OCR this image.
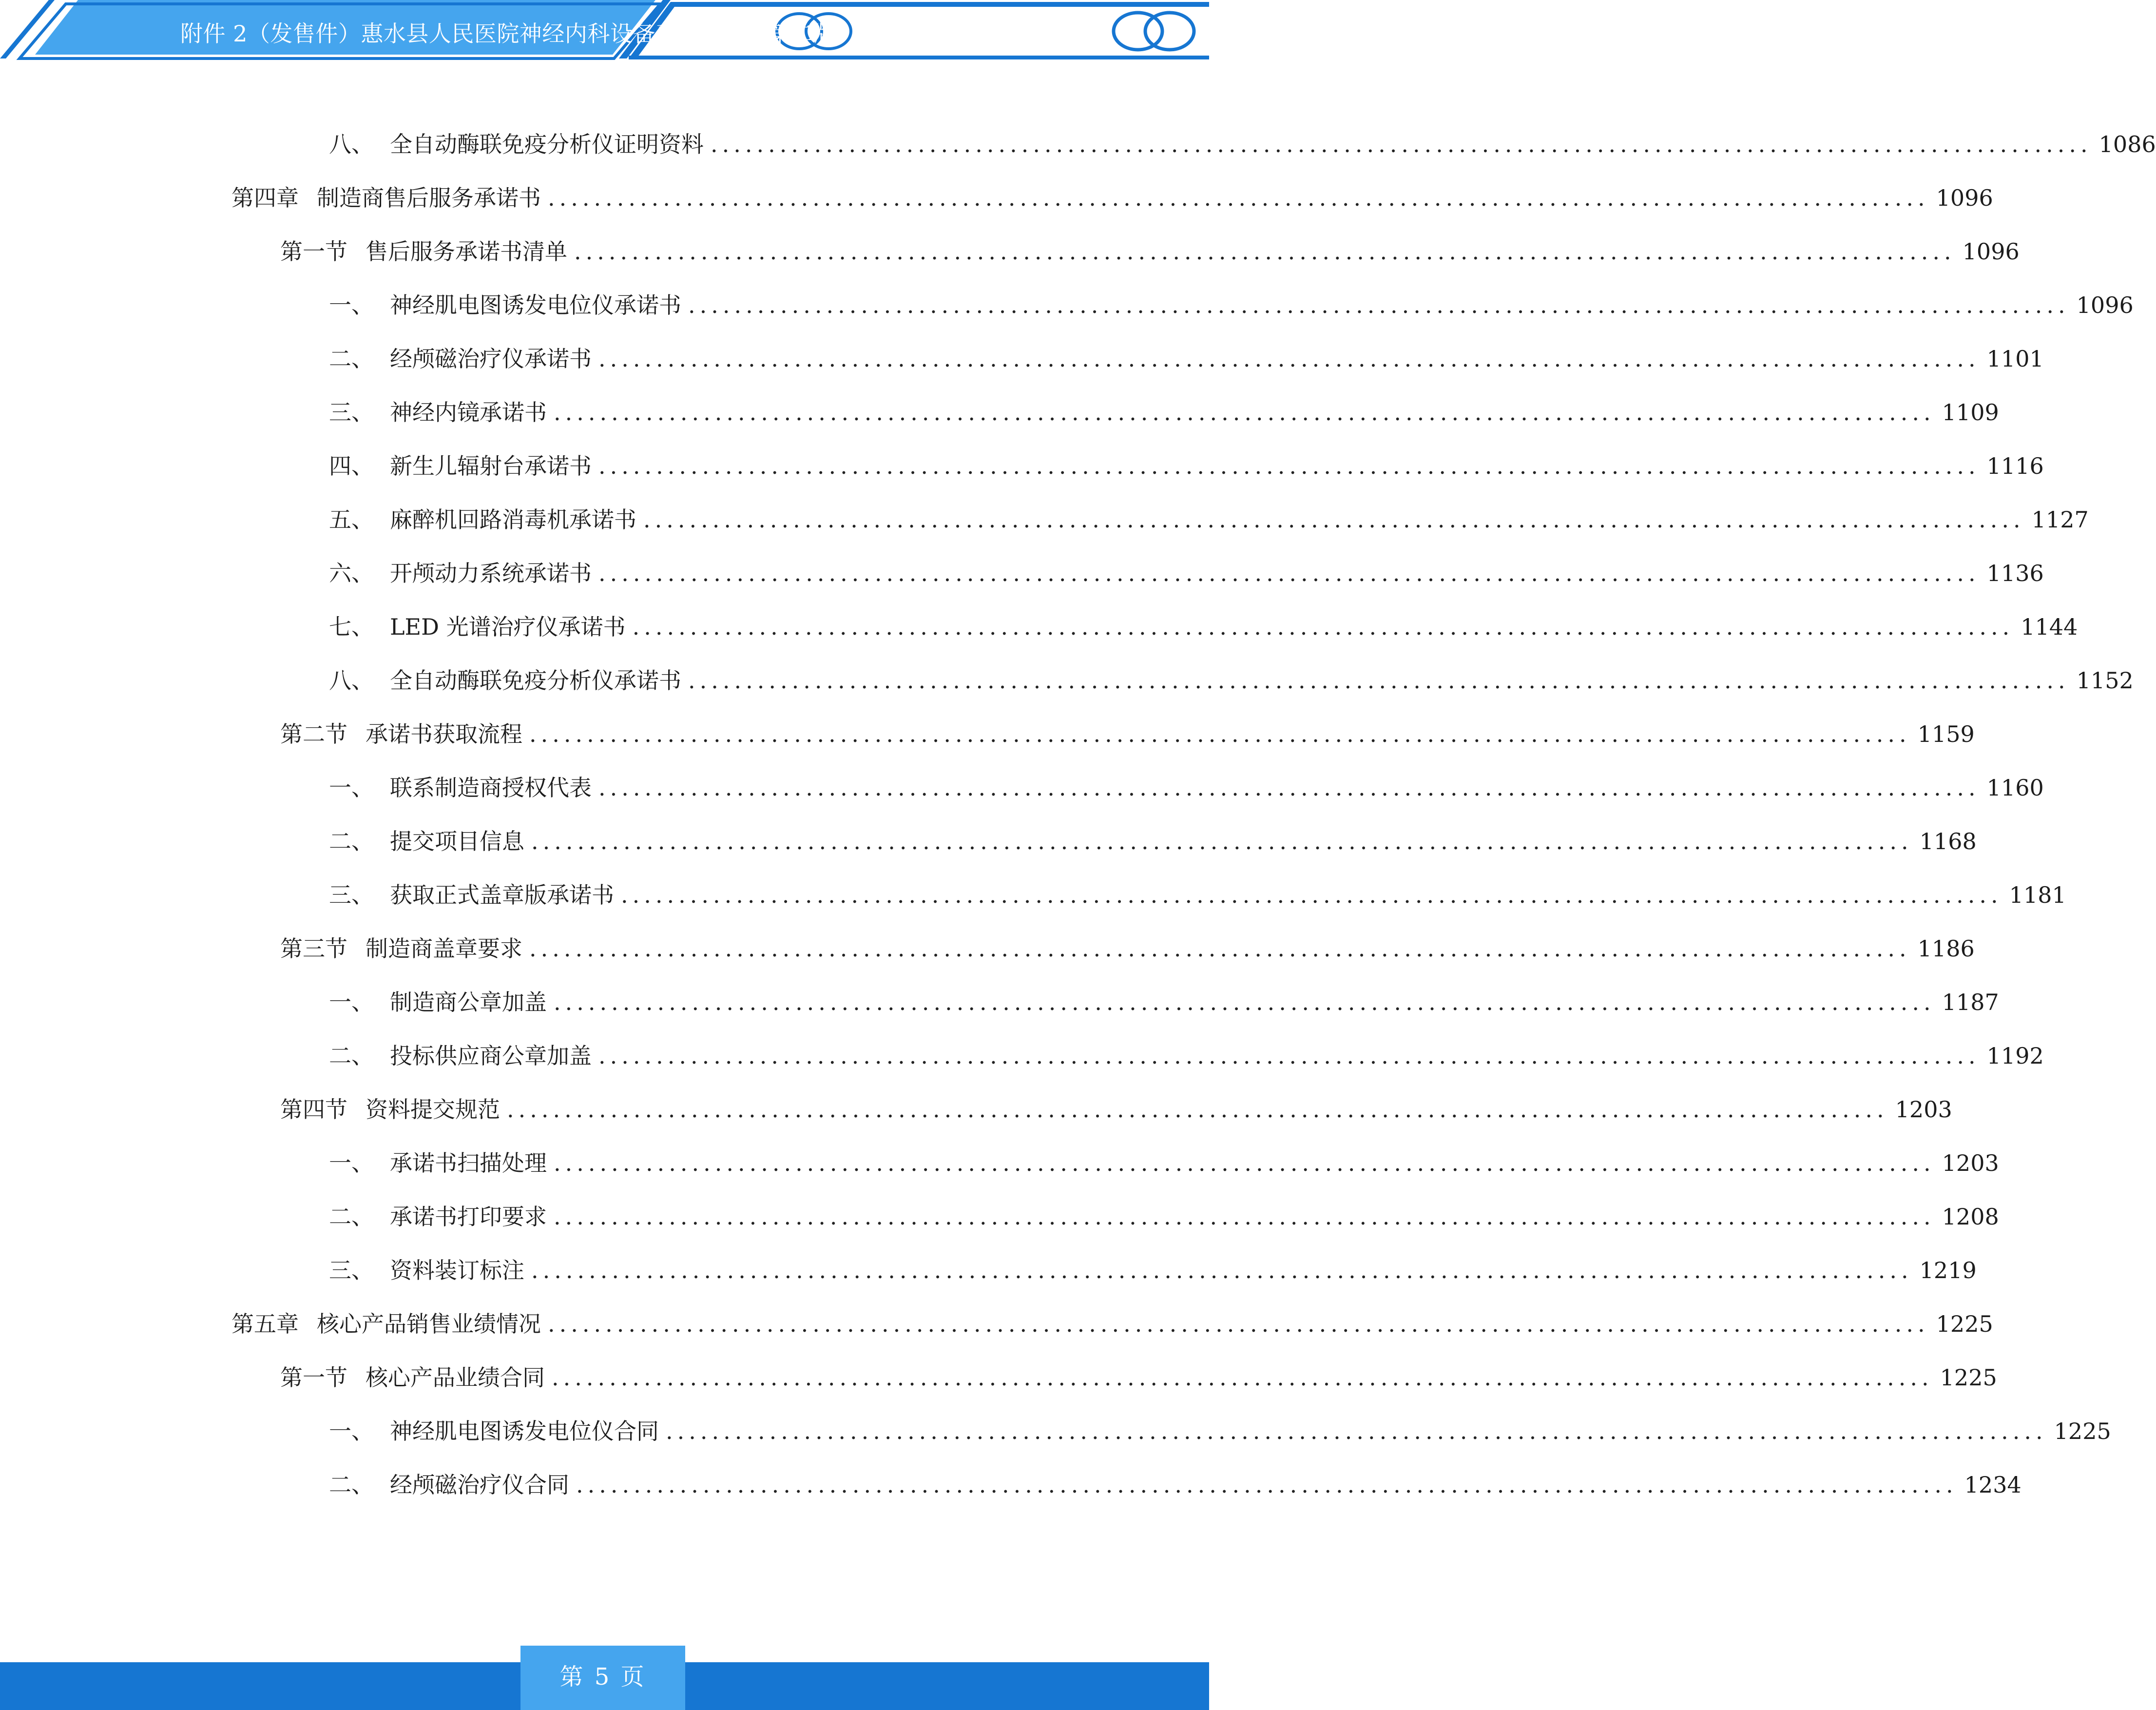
附件 2（发售件）惠水县人民医院神经内科设备采购项目（第二版）
八、 全自动酶联免疫分析仪证明资料 ........................................................................................................................ 1086
第四章 制造商售后服务承诺书 ........................................................................................................................ 1096
第一节 售后服务承诺书清单 ........................................................................................................................ 1096
一、 神经肌电图诱发电位仪承诺书 ........................................................................................................................ 1096
二、 经颅磁治疗仪承诺书 ........................................................................................................................ 1101
三、 神经内镜承诺书 ........................................................................................................................ 1109
四、 新生儿辐射台承诺书 ........................................................................................................................ 1116
五、 麻醉机回路消毒机承诺书 ........................................................................................................................ 1127
六、 开颅动力系统承诺书 ........................................................................................................................ 1136
七、 LED 光谱治疗仪承诺书 ........................................................................................................................ 1144
八、 全自动酶联免疫分析仪承诺书 ........................................................................................................................ 1152
第二节 承诺书获取流程 ........................................................................................................................ 1159
一、 联系制造商授权代表 ........................................................................................................................ 1160
二、 提交项目信息 ........................................................................................................................ 1168
三、 获取正式盖章版承诺书 ........................................................................................................................ 1181
第三节 制造商盖章要求 ........................................................................................................................ 1186
一、 制造商公章加盖 ........................................................................................................................ 1187
二、 投标供应商公章加盖 ........................................................................................................................ 1192
第四节 资料提交规范 ........................................................................................................................ 1203
一、 承诺书扫描处理 ........................................................................................................................ 1203
二、 承诺书打印要求 ........................................................................................................................ 1208
三、 资料装订标注 ........................................................................................................................ 1219
第五章 核心产品销售业绩情况 ........................................................................................................................ 1225
第一节 核心产品业绩合同 ........................................................................................................................ 1225
一、 神经肌电图诱发电位仪合同 ........................................................................................................................ 1225
二、 经颅磁治疗仪合同 ........................................................................................................................ 1234
第 5 页
